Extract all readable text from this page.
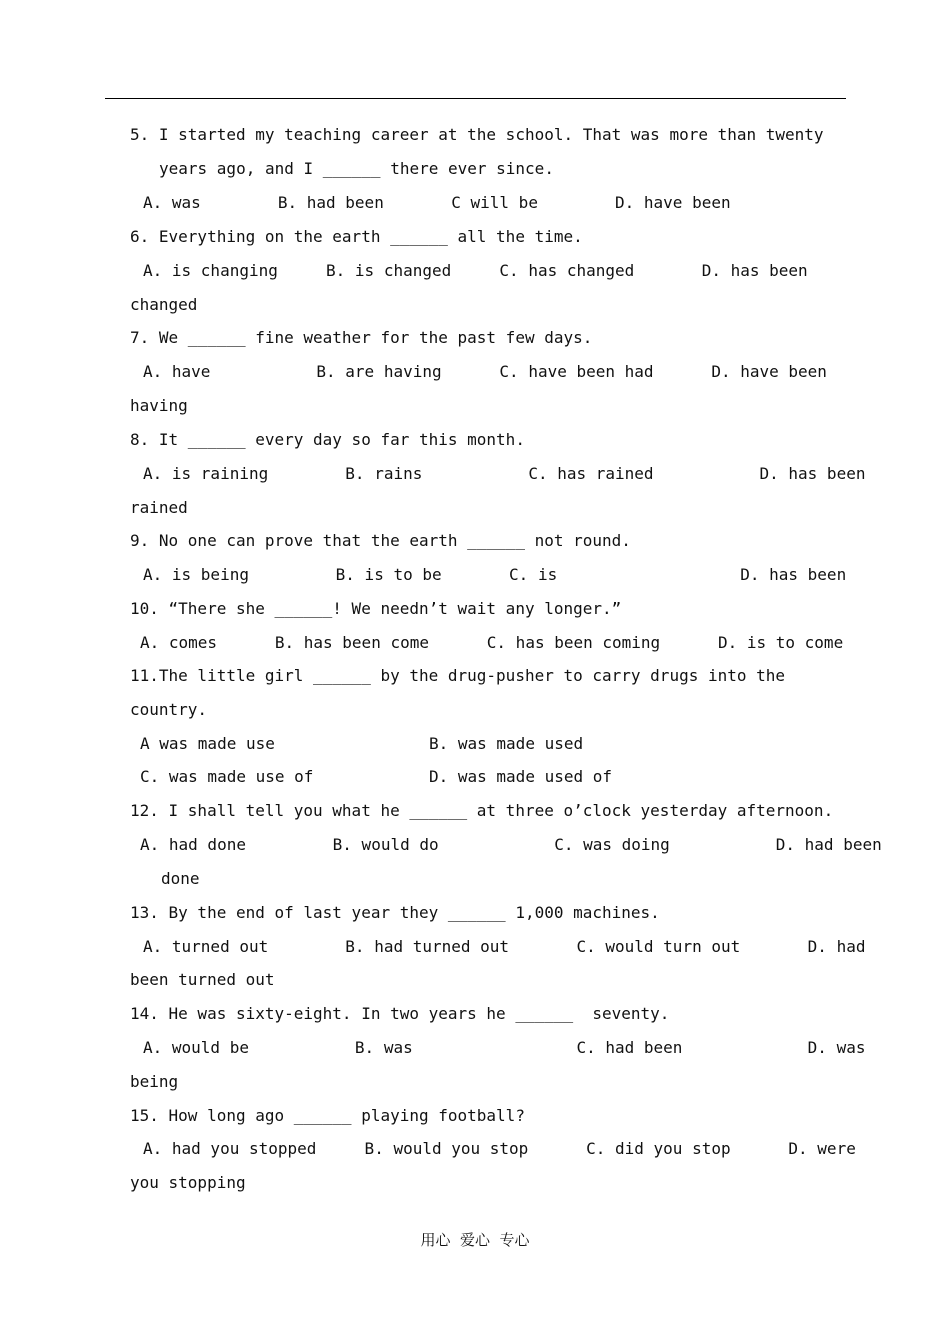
5. I started my teaching career at the school. That was more than twenty
years ago, and I ______ there ever since.
A. was        B. had been       C will be        D. have been
6. Everything on the earth ______ all the time.
A. is changing     B. is changed     C. has changed       D. has been
changed
7. We ______ fine weather for the past few days.
A. have           B. are having      C. have been had      D. have been
having
8. It ______ every day so far this month.
A. is raining        B. rains           C. has rained           D. has been
rained
9. No one can prove that the earth ______ not round.
A. is being         B. is to be       C. is                   D. has been
10. “There she ______! We needn’t wait any longer.”
A. comes      B. has been come      C. has been coming      D. is to come
11.The little girl ______ by the drug-pusher to carry drugs into the
country.
A was made use                B. was made used
C. was made use of            D. was made used of
12. I shall tell you what he ______ at three o’clock yesterday afternoon.
A. had done         B. would do            C. was doing           D. had been
done
13. By the end of last year they ______ 1,000 machines.
A. turned out        B. had turned out       C. would turn out       D. had
been turned out
14. He was sixty-eight. In two years he ______  seventy.
A. would be           B. was                 C. had been             D. was
being
15. How long ago ______ playing football?
A. had you stopped     B. would you stop      C. did you stop      D. were
you stopping
用心  爱心  专心
